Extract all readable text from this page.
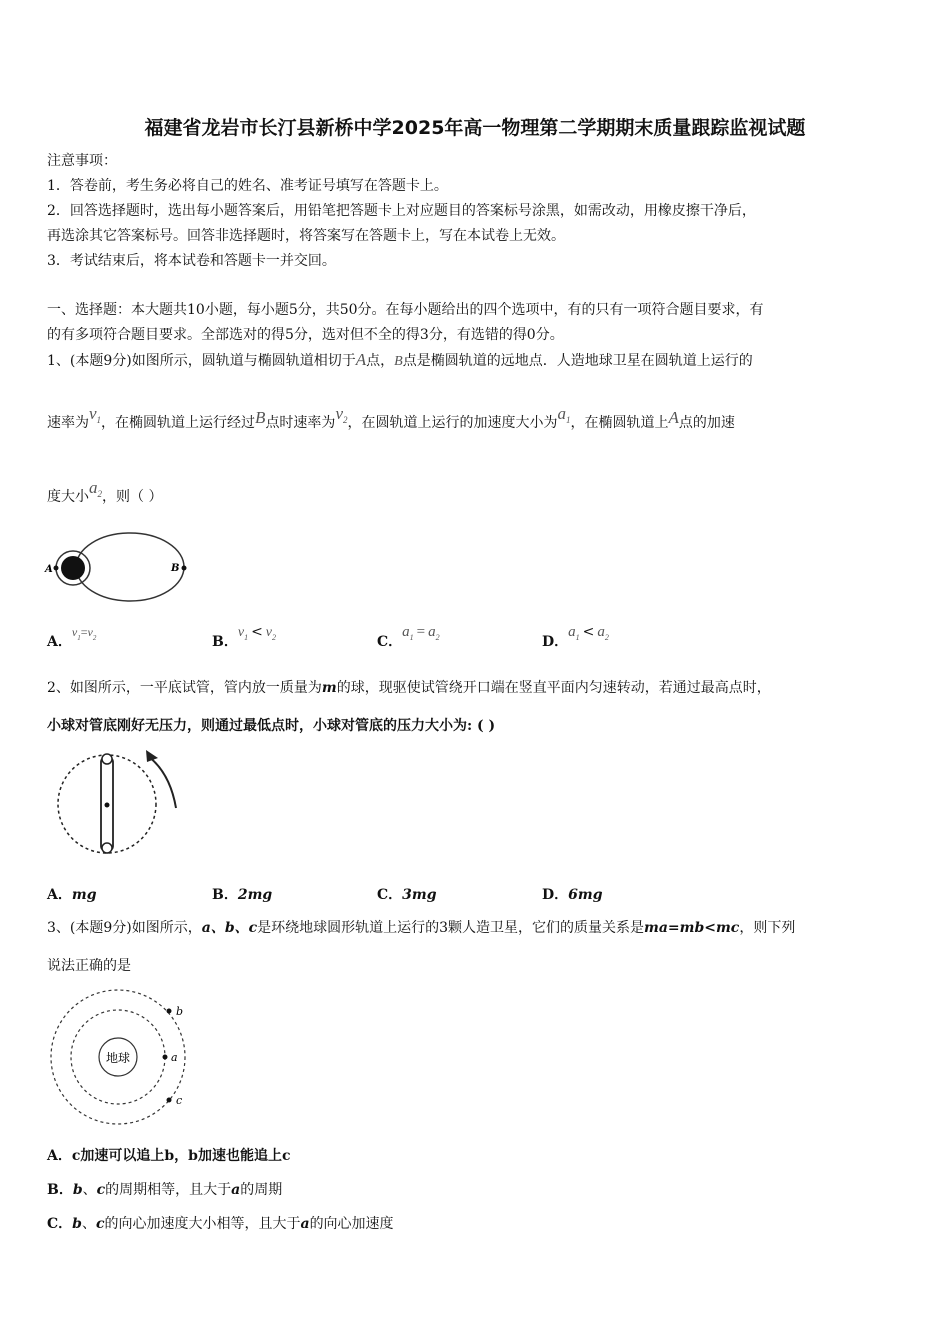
福建省龙岩市长汀县新桥中学2025年高一物理第二学期期末质量跟踪监视试题
注意事项：
1．答卷前，考生务必将自己的姓名、准考证号填写在答题卡上。
2．回答选择题时，选出每小题答案后，用铅笔把答题卡上对应题目的答案标号涂黑，如需改动，用橡皮擦干净后，
再选涂其它答案标号。回答非选择题时，将答案写在答题卡上，写在本试卷上无效。
3．考试结束后，将本试卷和答题卡一并交回。
一、选择题：本大题共10小题，每小题5分，共50分。在每小题给出的四个选项中，有的只有一项符合题目要求，有
的有多项符合题目要求。全部选对的得5分，选对但不全的得3分，有选错的得0分。
1、(本题9分)如图所示，圆轨道与椭圆轨道相切于A点，B点是椭圆轨道的远地点．人造地球卫星在圆轨道上运行的
速率为$v_1$，在椭圆轨道上运行经过B点时速率为$v_2$，在圆轨道上运行的加速度大小为$a_1$，在椭圆轨道上A点的加速
度大小$a_2$，则（ ）
A	B
A．$v_1=v_2$	B．$v_1 < v_2$	C．$a_1 = a_2$	D．$a_1 < a_2$
2、如图所示，一平底试管，管内放一质量为m的球，现驱使试管绕开口端在竖直平面内匀速转动，若通过最高点时，
小球对管底刚好无压力，则通过最低点时，小球对管底的压力大小为: ( )
A．mg	B．2mg	C．3mg	D．6mg
3、(本题9分)如图所示，a、b、c是环绕地球圆形轨道上运行的3颗人造卫星，它们的质量关系是ma=mb<mc，则下列
说法正确的是
地球
b
a
c
A．c加速可以追上b，b加速也能追上c
B．b、c的周期相等，且大于a的周期
C．b、c的向心加速度大小相等，且大于a的向心加速度
